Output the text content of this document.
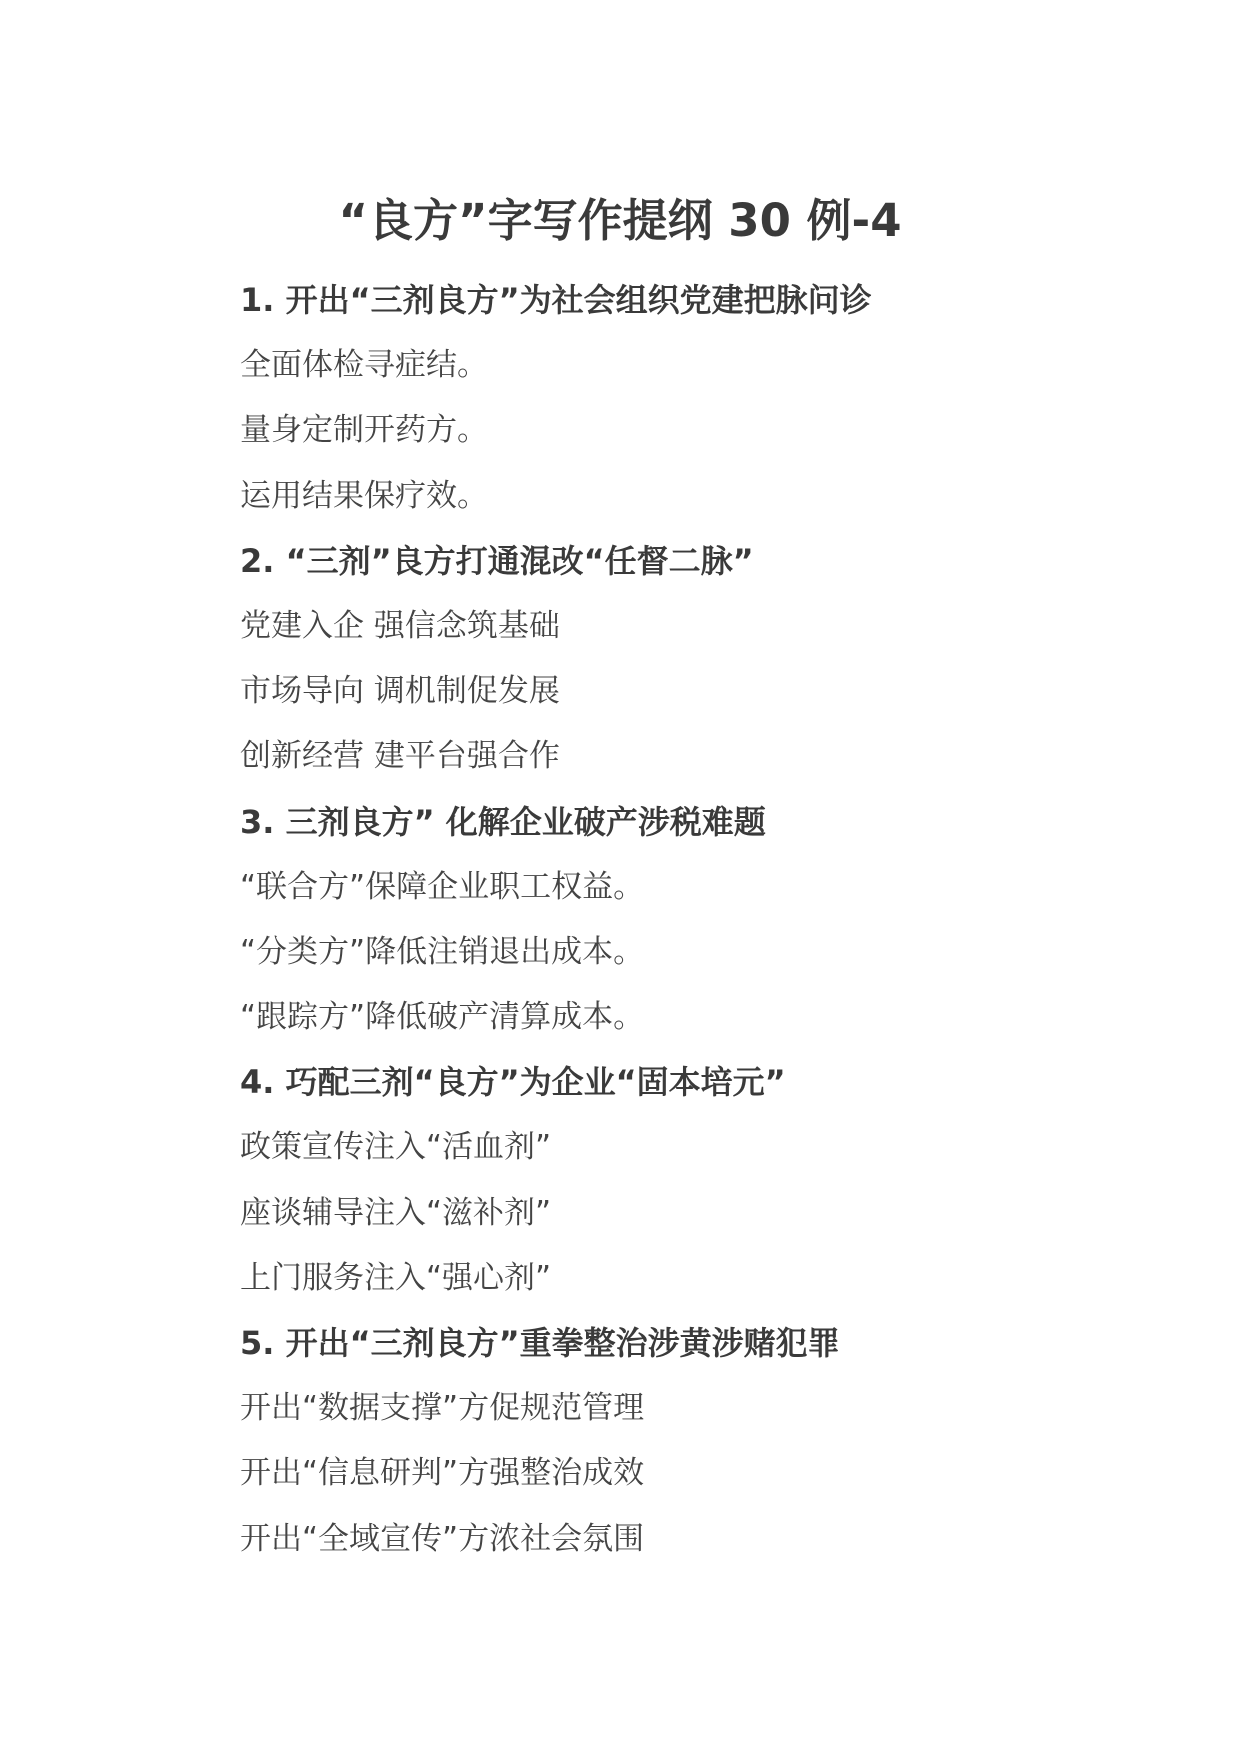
“良方”字写作提纲 30 例-4
1. 开出“三剂良方”为社会组织党建把脉问诊
全面体检寻症结。
量身定制开药方。
运用结果保疗效。
2. “三剂”良方打通混改“任督二脉”
党建入企 强信念筑基础
市场导向 调机制促发展
创新经营 建平台强合作
3. 三剂良方” 化解企业破产涉税难题
“联合方”保障企业职工权益。
“分类方”降低注销退出成本。
“跟踪方”降低破产清算成本。
4. 巧配三剂“良方”为企业“固本培元”
政策宣传注入“活血剂”
座谈辅导注入“滋补剂”
上门服务注入“强心剂”
5. 开出“三剂良方”重拳整治涉黄涉赌犯罪
开出“数据支撑”方促规范管理
开出“信息研判”方强整治成效
开出“全域宣传”方浓社会氛围
